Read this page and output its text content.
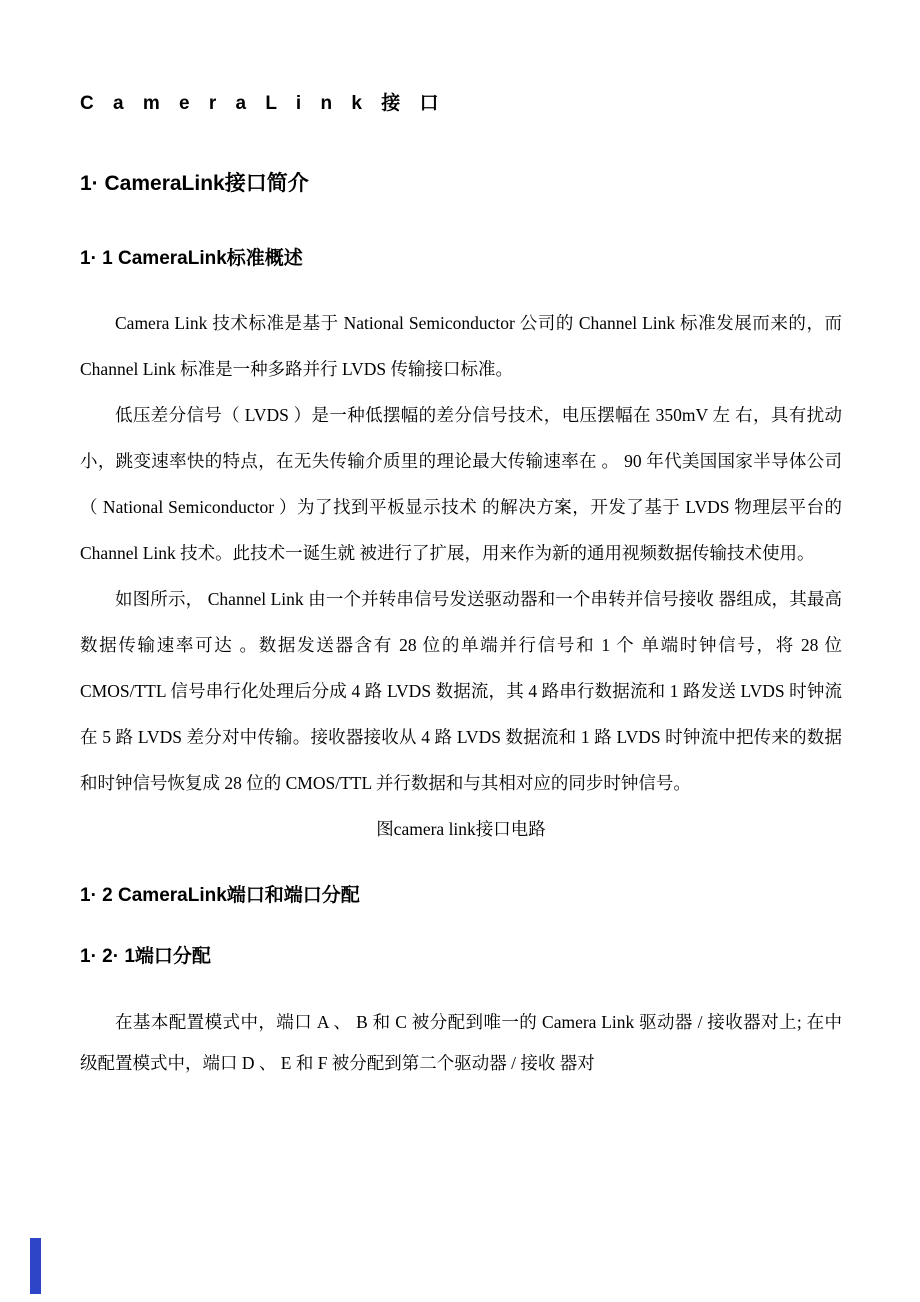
C a m e r a L i n k 接 口
1· CameraLink接口简介
1· 1 CameraLink标准概述

Camera Link 技术标准是基于 National Semiconductor 公司的 Channel Link 标准发展而来的，而 Channel Link 标准是一种多路并行 LVDS 传输接口标准。

低压差分信号（ LVDS ）是一种低摆幅的差分信号技术，电压摆幅在 350mV 左 右，具有扰动小，跳变速率快的特点，在无失传输介质里的理论最大传输速率在 。 90 年代美国国家半导体公司（ National Semiconductor ）为了找到平板显示技术 的解决方案，开发了基于 LVDS 物理层平台的 Channel Link 技术。此技术一诞生就 被进行了扩展，用来作为新的通用视频数据传输技术使用。

如图所示， Channel Link 由一个并转串信号发送驱动器和一个串转并信号接收 器组成，其最高数据传输速率可达 。数据发送器含有 28 位的单端并行信号和 1 个 单端时钟信号，将 28 位 CMOS/TTL 信号串行化处理后分成 4 路 LVDS 数据流，其 4 路串行数据流和 1 路发送 LVDS 时钟流在 5 路 LVDS 差分对中传输。接收器接收从 4 路 LVDS 数据流和 1 路 LVDS 时钟流中把传来的数据和时钟信号恢复成 28 位的 CMOS/TTL 并行数据和与其相对应的同步时钟信号。

图camera link接口电路

1· 2 CameraLink端口和端口分配
1· 2· 1端口分配

在基本配置模式中，端口 A 、 B 和 C 被分配到唯一的 Camera Link 驱动器 / 接收器对上; 在中级配置模式中，端口 D 、 E 和 F 被分配到第二个驱动器 / 接收 器对
